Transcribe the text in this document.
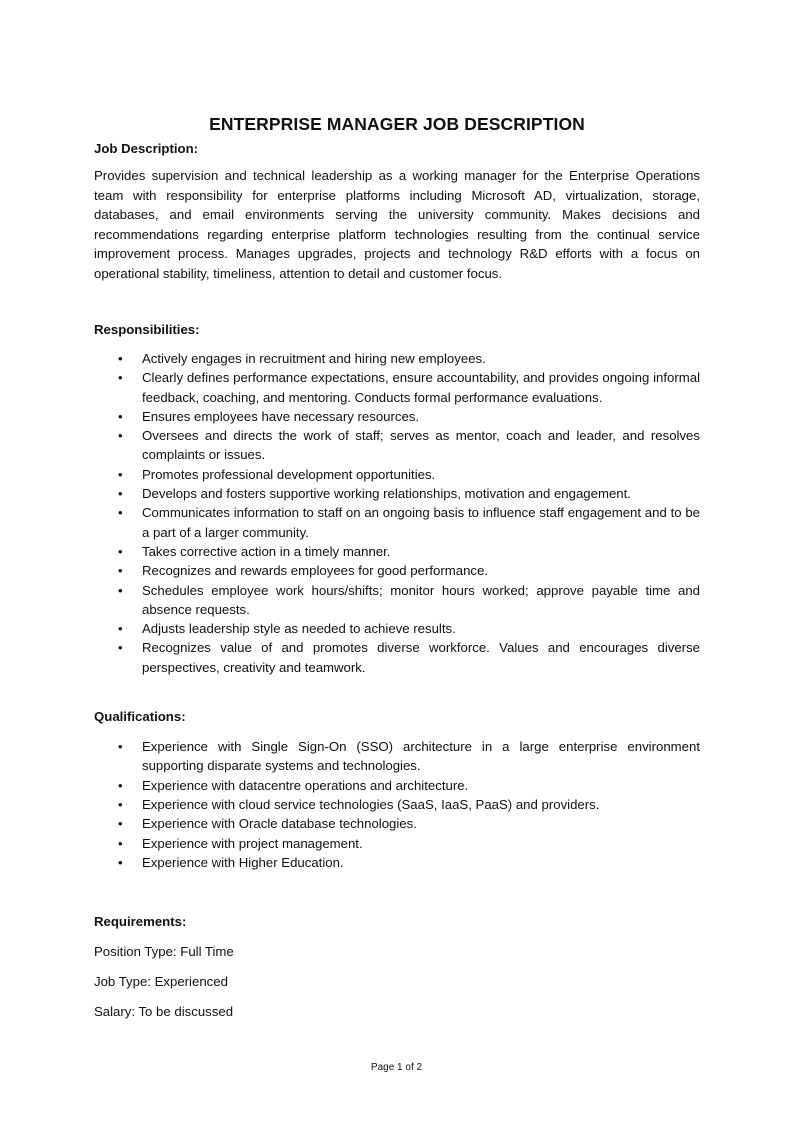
ENTERPRISE MANAGER JOB DESCRIPTION

Job Description:

Provides supervision and technical leadership as a working manager for the Enterprise Operations team with responsibility for enterprise platforms including Microsoft AD, virtualization, storage, databases, and email environments serving the university community. Makes decisions and recommendations regarding enterprise platform technologies resulting from the continual service improvement process. Manages upgrades, projects and technology R&D efforts with a focus on operational stability, timeliness, attention to detail and customer focus.

Responsibilities:

• Actively engages in recruitment and hiring new employees.
• Clearly defines performance expectations, ensure accountability, and provides ongoing informal feedback, coaching, and mentoring. Conducts formal performance evaluations.
• Ensures employees have necessary resources.
• Oversees and directs the work of staff; serves as mentor, coach and leader, and resolves complaints or issues.
• Promotes professional development opportunities.
• Develops and fosters supportive working relationships, motivation and engagement.
• Communicates information to staff on an ongoing basis to influence staff engagement and to be a part of a larger community.
• Takes corrective action in a timely manner.
• Recognizes and rewards employees for good performance.
• Schedules employee work hours/shifts; monitor hours worked; approve payable time and absence requests.
• Adjusts leadership style as needed to achieve results.
• Recognizes value of and promotes diverse workforce. Values and encourages diverse perspectives, creativity and teamwork.

Qualifications:

• Experience with Single Sign-On (SSO) architecture in a large enterprise environment supporting disparate systems and technologies.
• Experience with datacentre operations and architecture.
• Experience with cloud service technologies (SaaS, IaaS, PaaS) and providers.
• Experience with Oracle database technologies.
• Experience with project management.
• Experience with Higher Education.

Requirements:

Position Type: Full Time

Job Type: Experienced

Salary: To be discussed

Page 1 of 2
